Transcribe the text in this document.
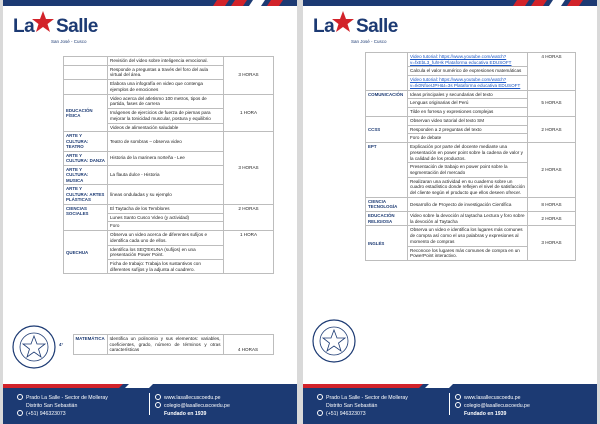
La Salle
San José - Cusco

	Revisión del video sobre inteligencia emocional.	3 HORAS

	Responde a preguntas a través del foro del aula virtual del área.	

	Elabora una infografía en video que contenga ejemplos de emociones	

EDUCACIÓN FÍSICA	Video acerca del atletismo 100 metros, tipos de partida, fases de carrera	1 HORA

	Imágenes de ejercicios de fuerza de piernas para mejorar la tonicidad muscular, postura y equilibrio	

	Videos de alimentación saludable	

ARTE Y CULTURA: TEATRO	Teatro de sombras – observa video	3 HORAS
ARTE Y CULTURA: DANZA	Historia de la marinera norteña - Lee	

ARTE Y CULTURA: MUSICA	La flauta dulce - Historia	

ARTE Y CULTURA: ARTES PLÁSTICAS	líneas onduladas y su ejemplo	

CIENCIAS SOCIALES	El Taytacha de los Temblores	2 HORAS

	Lunes Santo Cusco Video (y actividad)	

	Foro	

QUECHUA	Observa un video acerca de diferentes sufijos e identifica cada uno de ellos.	1 HORA

	Identifica los SEQ'EKUNA (sufijos) en una presentación Power Point.	

	Ficha de trabajo: Trabaja los sustantivos con diferentes sufijos y la adjunta al cuadrero.	
4°	MATEMÁTICA	Identifica un polinomio y sus elementos: variables, coeficientes, grado, número de términos y otras características	4 HORAS
Prado La Salle - Sector de Molleray
Distrito San Sebastián
(+51) 946323073
www.lasallecuscoedu.pe
colegio@lasallecuscoedu.pe
Fundado en 1939
La Salle
San José - Cusco

	Video tutorial: https://www.youtube.com/watch?v=fxEbL3_fuhHk Plataforma educativa EDUSOFT	4 HORAS

	Calcula el valor numérico de expresiones matemáticas	

	Video tutorial: https://www.youtube.com/watch?v=Ik0NfoeIJPH&t=3s Plataforma educativa EDUSOFT	

COMUNICACIÓN	Ideas principales y secundarias del texto	5 HORAS

	Lenguas originarias del Perú	

	Tilde en forresa y expresiones complejas	

CCSS	Observan video tutorial del texto SM	2 HORAS

	Responden a 2 preguntas del texto	

	Foro de debate	

EPT	Explicación por parte del docente mediante una presentación en power point sobre la cadena de valor y la calidad de los productos.	2 HORAS

	Presentación de trabajo en power point sobre la segmentación del mercado	

	Realizaran una actividad en su cuaderno sobre un cuadro estadístico donde reflejen el nivel de satisfacción del cliente según el producto que ellos deseen ofrecer.	

CIENCIA TECNOLOGÍA	Desarrollo de Proyecto de investigación Científica	8 HORAS
EDUCACIÓN RELIGIOSA	Video sobre la devoción al taytacha Lectura y foro sobre la devoción al Taytacha	2 HORAS
INGLÉS	Observa un video e identifica los lugares más comunes de compra así como el uso palabras y expresiones al momento de compras	3 HORAS

	Reconoce los lugares más comunes de compra en un PowerPoint interactivo.	
Prado La Salle - Sector de Molleray
Distrito San Sebastián
(+51) 946323073
www.lasallecuscoedu.pe
colegio@lasallecuscoedu.pe
Fundado en 1939
